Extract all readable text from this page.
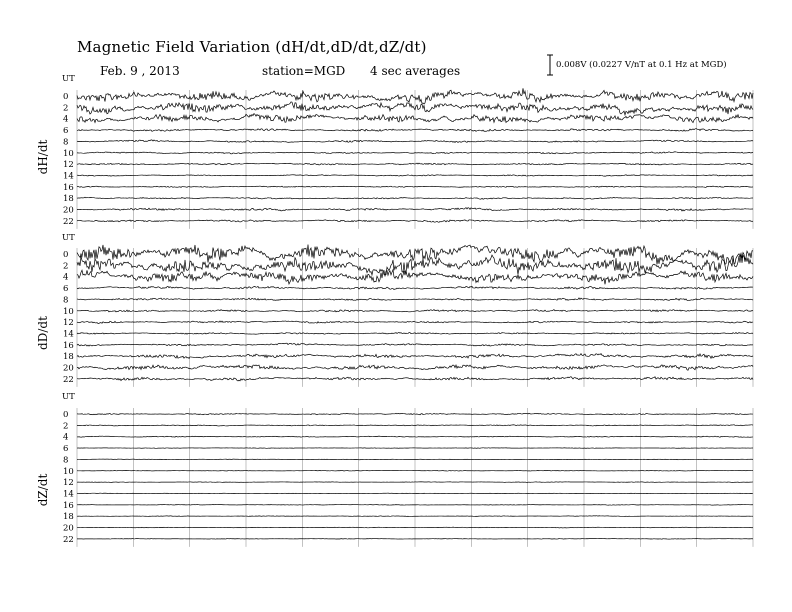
Magnetic Field Variation (dH/dt,dD/dt,dZ/dt)
Feb. 9 , 2013	station=MGD 4 sec averages	0.008V (0.0227 V/nT at 0.1 Hz at MGD)
UT
dH/dt
0
2
4
6
8
10
12
14
16
18
20
22
UT
dD/dt
0
2
4
6
8
10
12
14
16
18
20
22
UT
dZ/dt
0
2
4
6
8
10
12
14
16
18
20
22
